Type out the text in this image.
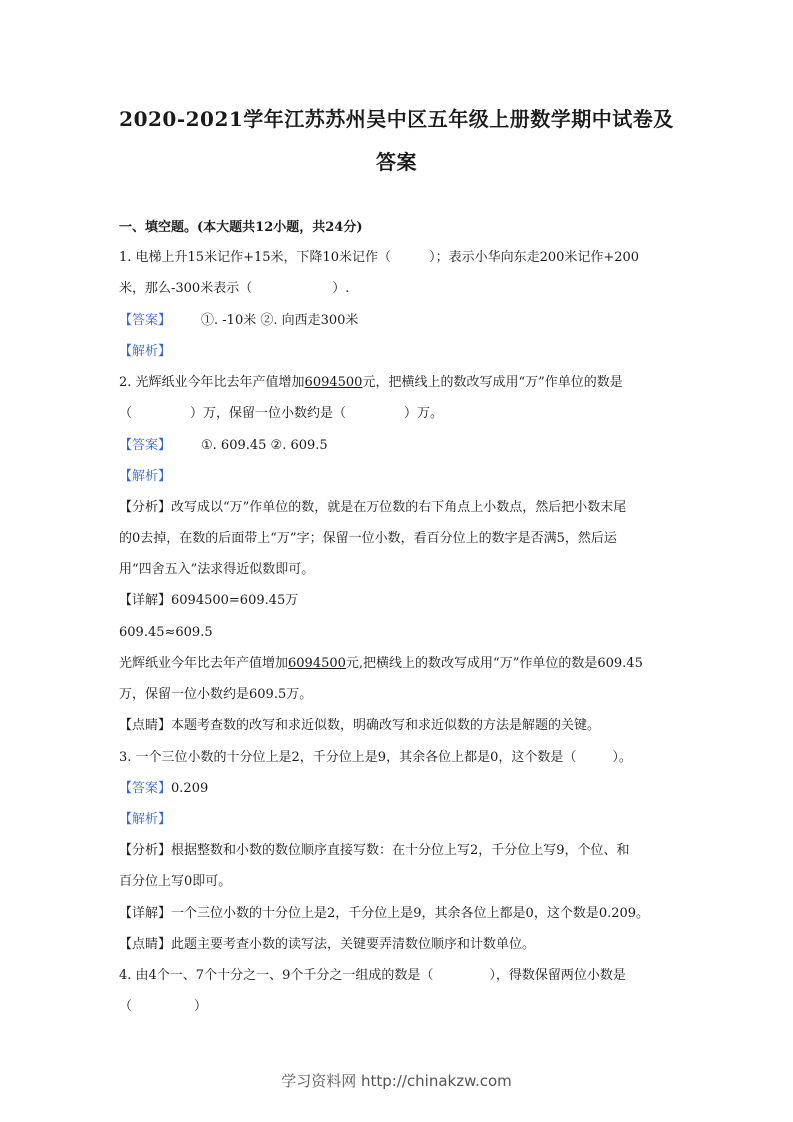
2020-2021学年江苏苏州吴中区五年级上册数学期中试卷及
答案
一、填空题。(本大题共12小题，共24分)
1. 电梯上升15米记作+15米，下降10米记作（	）；表示小华向东走200米记作+200
米，那么-300米表示（	）.
【答案】 ①. -10米 ②. 向西走300米
【解析】
2. 光辉纸业今年比去年产值增加6094500元，把横线上的数改写成用“万”作单位的数是
（	）万，保留一位小数约是（	）万。
【答案】 ①. 609.45 ②. 609.5
【解析】
【分析】改写成以“万”作单位的数，就是在万位数的右下角点上小数点，然后把小数末尾
的0去掉，在数的后面带上“万”字；保留一位小数，看百分位上的数字是否满5，然后运
用“四舍五入”法求得近似数即可。
【详解】6094500=609.45万
609.45≈609.5
光辉纸业今年比去年产值增加6094500元,把横线上的数改写成用“万”作单位的数是609.45
万，保留一位小数约是609.5万。
【点睛】本题考查数的改写和求近似数，明确改写和求近似数的方法是解题的关键。
3. 一个三位小数的十分位上是2，千分位上是9，其余各位上都是0，这个数是（	）。
【答案】0.209
【解析】
【分析】根据整数和小数的数位顺序直接写数：在十分位上写2，千分位上写9，个位、和
百分位上写0即可。
【详解】一个三位小数的十分位上是2，千分位上是9，其余各位上都是0，这个数是0.209。
【点睛】此题主要考查小数的读写法，关键要弄清数位顺序和计数单位。
4. 由4个一、7个十分之一、9个千分之一组成的数是（	），得数保留两位小数是
（	）
学习资料网 http://chinakzw.com
